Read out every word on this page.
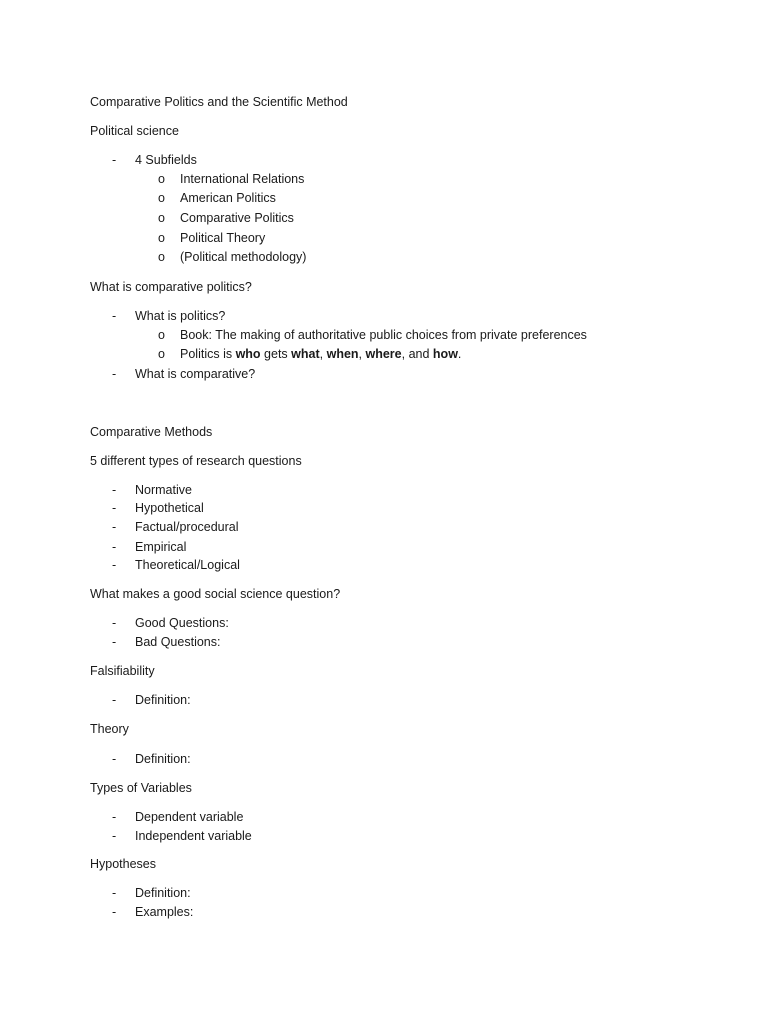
Comparative Politics and the Scientific Method
Political science
- 4 Subfields
o International Relations
o American Politics
o Comparative Politics
o Political Theory
o (Political methodology)
What is comparative politics?
- What is politics?
o Book: The making of authoritative public choices from private preferences
o Politics is who gets what, when, where, and how.
- What is comparative?
Comparative Methods
5 different types of research questions
- Normative
- Hypothetical
- Factual/procedural
- Empirical
- Theoretical/Logical
What makes a good social science question?
- Good Questions:
- Bad Questions:
Falsifiability
- Definition:
Theory
- Definition:
Types of Variables
- Dependent variable
- Independent variable
Hypotheses
- Definition:
- Examples:
